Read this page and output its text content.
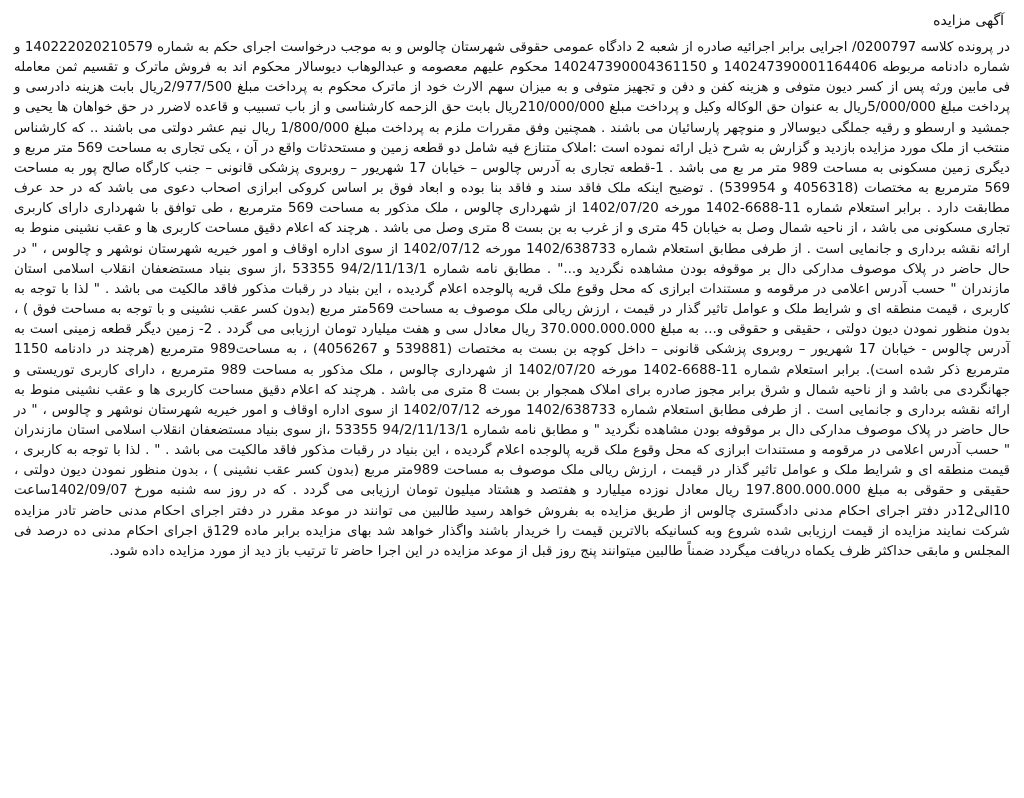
آگهی مزایده

در پرونده کلاسه 0200797/ اجرایی برابر اجرائیه صادره از شعبه 2 دادگاه عمومی حقوقی شهرستان چالوس و به موجب درخواست اجرای حکم به شماره 140222020210579 و شماره دادنامه مربوطه 140247390001164406 و 140247390004361150 محکوم علیهم معصومه و عبدالوهاب دیوسالار محکوم اند به فروش ماترک و تقسیم ثمن معامله فی مابین ورثه پس از کسر دیون متوفی و هزینه کفن و دفن و تجهیز متوفی و به میزان سهم الارث خود از ماترک محکوم به پرداخت مبلغ 2/977/500ریال بابت هزینه دادرسی و پرداخت مبلغ 5/000/000ریال به عنوان حق الوکاله وکیل و پرداخت مبلغ 210/000/000ریال بابت حق الزحمه کارشناسی و از باب تسبیب و قاعده لاضرر در حق خواهان ها یحیی و جمشید و ارسطو و رقیه جملگی دیوسالار و منوچهر پارسائیان می باشند . همچنین وفق مقررات ملزم به پرداخت مبلغ 1/800/000 ریال نیم عشر دولتی می باشند .. که کارشناس منتخب از ملک مورد مزایده بازدید و گزارش به شرح ذیل ارائه نموده است :املاک متنازع فیه شامل دو قطعه زمین و مستحدثات واقع در آن ، یکی تجاری به مساحت 569 متر مربع و دیگری زمین مسکونی به مساحت 989 متر مر بع می باشد . 1-قطعه تجاری به آدرس چالوس – خیابان 17 شهریور – روبروی پزشکی قانونی – جنب کارگاه صالح پور به مساحت 569 مترمربع به مختصات (4056318 و 539954) . توضیح اینکه ملک فاقد سند و فاقد بنا بوده و ابعاد فوق بر اساس کروکی ابرازی اصحاب دعوی می باشد که در حد عرف مطابقت دارد . برابر استعلام شماره 11-6688-1402 مورخه 1402/07/20 از شهرداری چالوس ، ملک مذکور به مساحت 569 مترمربع ، طی توافق با شهرداری دارای کاربری تجاری مسکونی می باشد ، از ناحیه شمال وصل به خیابان 45 متری و از غرب به بن بست 8 متری وصل می باشد . هرچند که اعلام دقیق مساحت کاربری ها و عقب نشینی منوط به ارائه نقشه برداری و جانمایی است . از طرفی مطابق استعلام شماره 1402/638733 مورخه 1402/07/12 از سوی اداره اوقاف و امور خیریه شهرستان نوشهر و چالوس ، " در حال حاضر در پلاک موصوف مدارکی دال بر موقوفه بودن مشاهده نگردید و..." . مطابق نامه شماره 94/2/11/13/1 53355 ،از سوی بنیاد مستضعفان انقلاب اسلامی استان مازندران " حسب آدرس اعلامی در مرقومه و مستندات ابرازی که محل وقوع ملک قریه پالوجده اعلام گردیده ، این بنیاد در رقبات مذکور فاقد مالکیت می باشد . " لذا با توجه به کاربری ، قیمت منطقه ای و شرایط ملک و عوامل تاثیر گذار در قیمت ، ارزش ریالی ملک موصوف به مساحت 569متر مربع (بدون کسر عقب نشینی و با توجه به مساحت فوق ) ، بدون منظور نمودن دیون دولتی ، حقیقی و حقوقی و... به مبلغ 370.000.000.000 ریال معادل سی و هفت میلیارد تومان ارزیابی می گردد . 2- زمین دیگر قطعه زمینی است به آدرس چالوس - خیابان 17 شهریور – روبروی پزشکی قانونی – داخل کوچه بن بست به مختصات (539881 و 4056267) ، به مساحت989 مترمربع (هرچند در دادنامه 1150 مترمربع ذکر شده است). برابر استعلام شماره 11-6688-1402 مورخه 1402/07/20 از شهرداری چالوس ، ملک مذکور به مساحت 989 مترمربع ، دارای کاربری توریستی و جهانگردی می باشد و از ناحیه شمال و شرق برابر مجوز صادره برای املاک همجوار بن بست 8 متری می باشد . هرچند که اعلام دقیق مساحت کاربری ها و عقب نشینی منوط به ارائه نقشه برداری و جانمایی است . از طرفی مطابق استعلام شماره 1402/638733 مورخه 1402/07/12 از سوی اداره اوقاف و امور خیریه شهرستان نوشهر و چالوس ، " در حال حاضر در پلاک موصوف مدارکی دال بر موقوفه بودن مشاهده نگردید " و مطابق نامه شماره 94/2/11/13/1 53355 ،از سوی بنیاد مستضعفان انقلاب اسلامی استان مازندران " حسب آدرس اعلامی در مرقومه و مستندات ابرازی که محل وقوع ملک قریه پالوجده اعلام گردیده ، این بنیاد در رقبات مذکور فاقد مالکیت می باشد . " . لذا با توجه به کاربری ، قیمت منطقه ای و شرایط ملک و عوامل تاثیر گذار در قیمت ، ارزش ریالی ملک موصوف به مساحت 989متر مربع (بدون کسر عقب نشینی ) ، بدون منظور نمودن دیون دولتی ، حقیقی و حقوقی به مبلغ 197.800.000.000 ریال معادل نوزده میلیارد و هفتصد و هشتاد میلیون تومان ارزیابی می گردد . که در روز سه شنبه مورخ 1402/09/07ساعت 10الی12در دفتر اجرای احکام مدنی دادگستری چالوس از طریق مزایده به بفروش خواهد رسید طالبین می توانند در موعد مقرر در دفتر اجرای احکام مدنی حاضر تادر مزایده شرکت نمایند مزایده از قیمت ارزیابی شده شروع وبه کسانیکه بالاترین قیمت را خریدار باشند واگذار خواهد شد بهای مزایده برابر ماده 129ق اجرای احکام مدنی ده درصد فی المجلس و مابقی حداکثر ظرف یکماه دریافت میگردد ضمناً طالبین میتوانند پنج روز قبل از موعد مزایده در این اجرا حاضر تا ترتیب باز دید از مورد مزایده داده شود.
